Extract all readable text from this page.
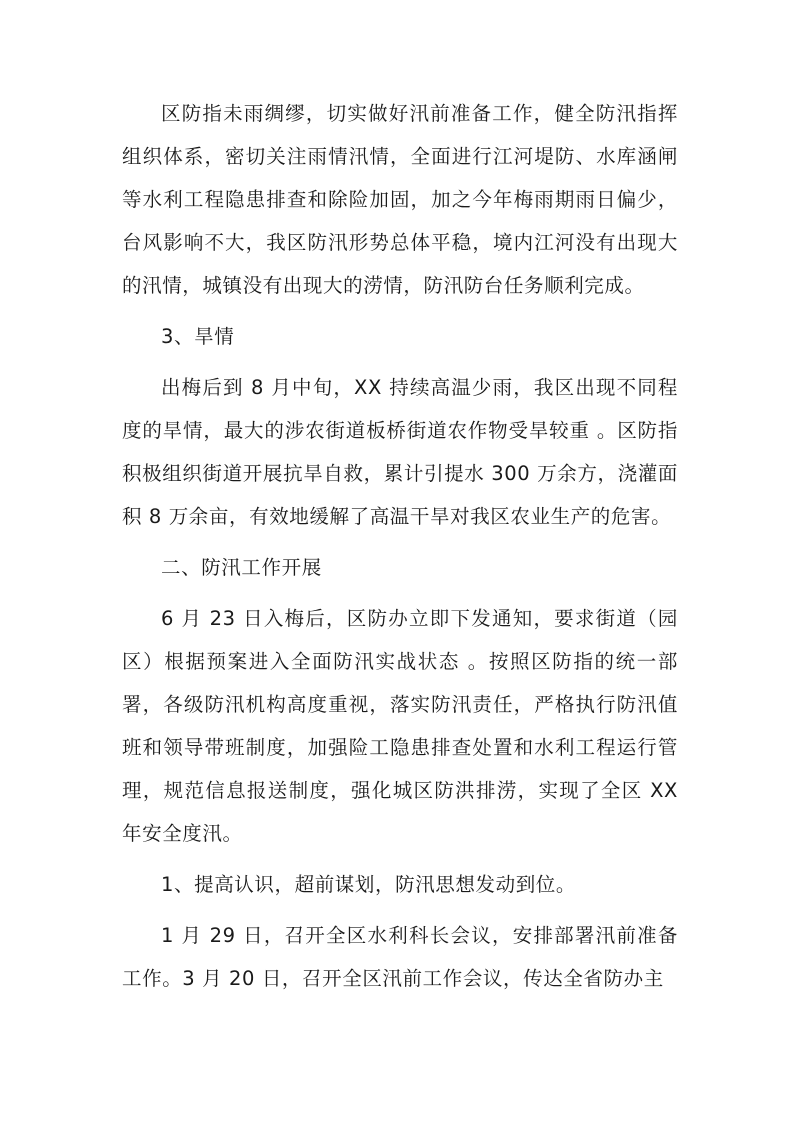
区防指未雨绸缪，切实做好汛前准备工作，健全防汛指挥组织体系，密切关注雨情汛情，全面进行江河堤防、水库涵闸等水利工程隐患排查和除险加固，加之今年梅雨期雨日偏少，台风影响不大，我区防汛形势总体平稳，境内江河没有出现大的汛情，城镇没有出现大的涝情，防汛防台任务顺利完成。

3、旱情

出梅后到 8 月中旬，XX 持续高温少雨，我区出现不同程度的旱情，最大的涉农街道板桥街道农作物受旱较重 。区防指积极组织街道开展抗旱自救，累计引提水 300 万余方，浇灌面积 8 万余亩，有效地缓解了高温干旱对我区农业生产的危害。

二、防汛工作开展

6 月 23 日入梅后，区防办立即下发通知，要求街道（园区）根据预案进入全面防汛实战状态 。按照区防指的统一部署，各级防汛机构高度重视，落实防汛责任，严格执行防汛值班和领导带班制度，加强险工隐患排查处置和水利工程运行管理，规范信息报送制度，强化城区防洪排涝，实现了全区 XX 年安全度汛。

1、提高认识，超前谋划，防汛思想发动到位。

1 月 29 日，召开全区水利科长会议，安排部署汛前准备工作。3 月 20 日，召开全区汛前工作会议，传达全省防办主
